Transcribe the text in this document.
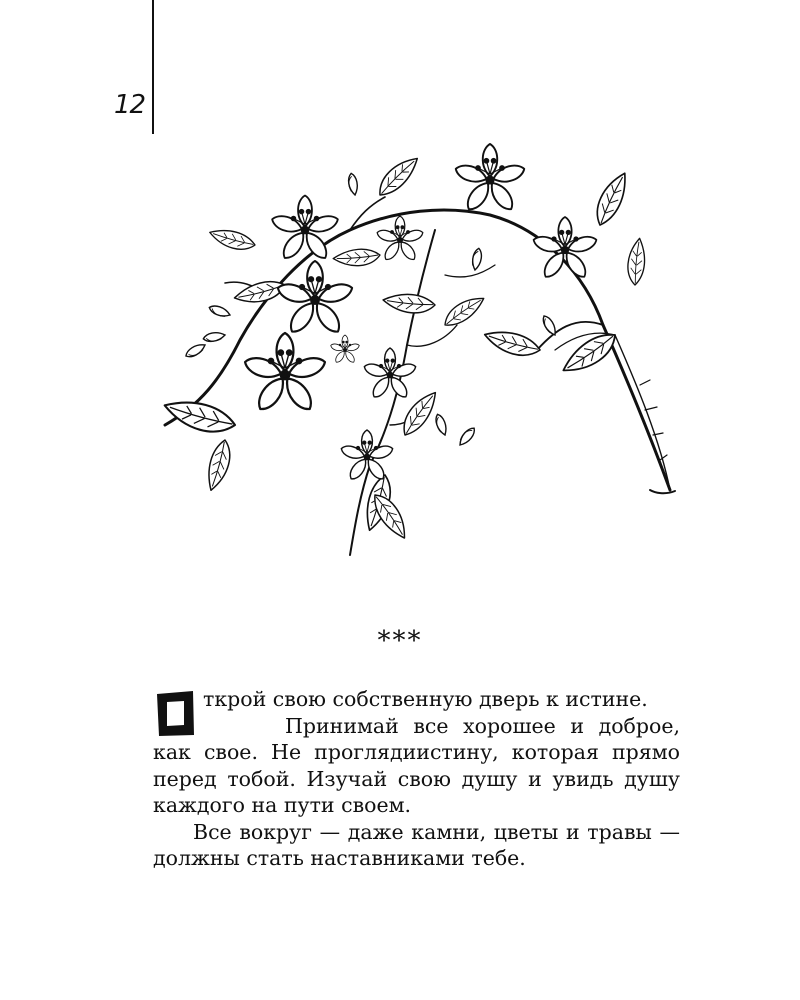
12
***

О
ткрой свою собственную дверь к истине.
Принимай все хорошее и доброе, как свое. Не проглядиистину, которая прямо перед тобой. Изучай свою душу и увидь душу каждого на пути своем.

Все вокруг — даже камни, цветы и травы — должны стать наставниками тебе.
